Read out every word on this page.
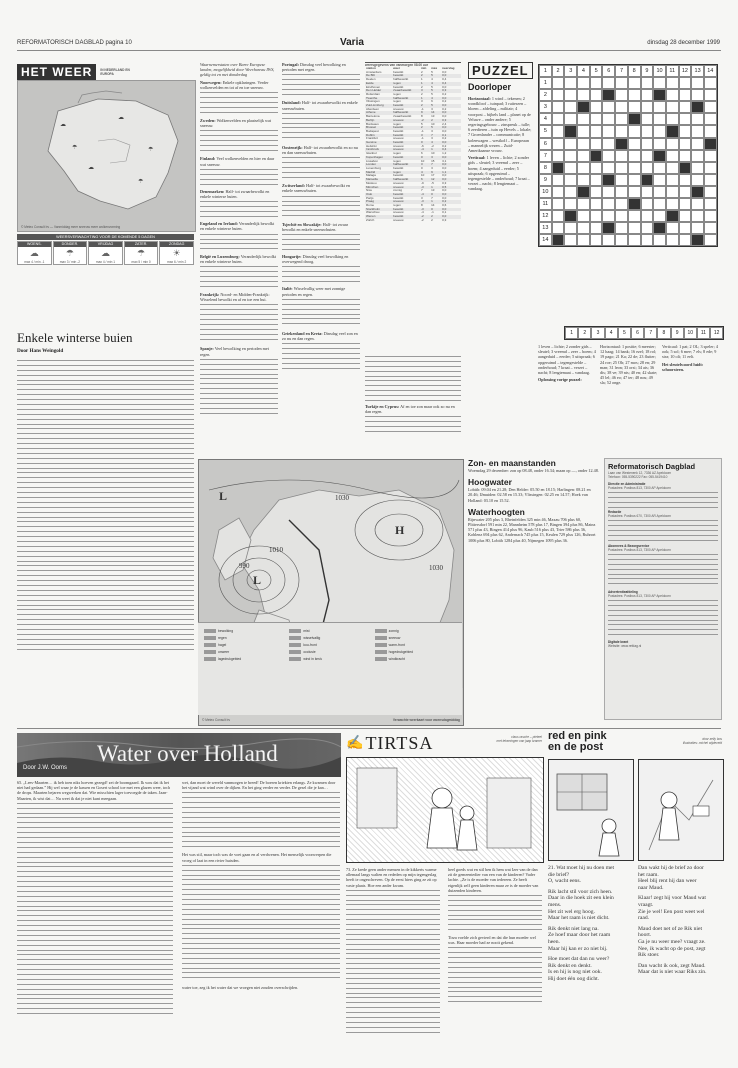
REFORMATORISCH DAGBLAD pagina 10	Varia	dinsdag 28 december 1999
HET WEER	IN NEDERLAND EN EUROPA
☁
☁
☂
☁
☂
☂
© Meteo Consult bv — Vanmiddag meer sneeuw meer wolkenvorming
WEERSVERWACHTING VOOR DE KOMENDE 5 DAGEN
WOENS.
☁
max 4 / min -1
DONDER.
☂
max 3 / min -2
VRIJDAG
☁
max 4 / min 1
ZATER.
☂
max 5 / min 0
ZONDAG
☀
max 6 / min 2
Enkele winterse buien
Door Hans Weingold
Waarnemerstaten over Barre Europese landen, mogelijkheid door Weerbureau IWS, geldig tot en met donderdag
Noorwegen: Enkele opklaringen. Verder wolkenvelden en tot af en toe sneeuw.
Zweden: Wolkenvelden en plaatselijk wat sneeuw.
Finland: Veel wolkenvelden en hier en daar wat sneeuw.
Denemarken: Half- tot zwaarbewolkt en enkele winterse buien.
Engeland en Ierland: Veranderlijk bewolkt en enkele winterse buien.
België en Luxemburg: Veranderlijk bewolkt en enkele winterse buien.
Frankrijk: Noord- en Midden-Frankrijk: Wisselend bewolkt en af en toe een bui.
Spanje: Veel bewolking en perioden met regen.
Portugal: Dinsdag veel bewolking en perioden met regen.
Duitsland: Half- tot zwaarbewolkt en enkele sneeuwbuien.
Oostenrijk: Half- tot zwaarbewolkt en zo nu en dan sneeuwbuien.
Zwitserland: Half- tot zwaarbewolkt en enkele sneeuwbuien.
Tsjechië en Slowakije: Half- tot zwaar bewolkt en enkele sneeuwbuien.
Hongarije: Dinsdag veel bewolking en overwegend droog.
Italië: Wisselvallig weer met zonnige perioden en regen.
Griekenland en Kreta: Dinsdag veel zon en zo nu en dan regen.
weersgegevens van vanmorgen 08.00 uur
station	weer	min	max	neerslag
Amsterdam	bewolkt	2	5	0,0
De Bilt	bewolkt	2	5	0,0
Deelen	halfbewolkt	1	4	0,4
Eelde	regen	1	4	0,4
Eindhoven	bewolkt	2	5	0,0
Den Helder	zwaarbewolkt	3	5	0,3
Rotterdam	regen	2	5	0,2
Twenthe	halfbewolkt	1	4	0,0
Vlissingen	regen	3	6	0,2
Zuid-Limburg	bewolkt	2	5	0,0
Aberdeen	sneeuw	-1	3	0,2
Athene	halfbewolkt	9	14	0,0
Barcelona	zwaarbewolkt	8	13	0,0
Berlijn	sneeuw	-2	2	0,3
Bordeaux	regen	5	10	2,4
Brussel	bewolkt	2	5	0,0
Budapest	bewolkt	-1	3	0,0
Dublin	bewolkt	3	7	0,1
Frankfurt	sneeuw	-1	3	0,2
Genève	bewolkt	0	4	0,0
Helsinki	sneeuw	-6	-2	0,2
Innsbruck	sneeuw	-4	1	0,4
Istanbul	regen	6	10	1,2
Kopenhagen	bewolkt	0	3	0,0
Lissabon	regen	10	15	3,1
Londen	halfbewolkt	3	7	0,0
Luxemburg	bewolkt	0	3	0,0
Madrid	regen	4	9	1,1
Malaga	bewolkt	10	17	0,0
Marseille	halfbewolkt	6	12	0,0
Moskou	sneeuw	-9	-5	0,3
München	sneeuw	-3	1	0,5
Nice	zonnig	7	13	0,0
Oslo	bewolkt	-4	0	0,0
Parijs	bewolkt	3	7	0,0
Praag	sneeuw	-3	1	0,2
Rome	regen	8	14	0,6
Stockholm	bewolkt	-3	0	0,0
Warschau	sneeuw	-4	-1	0,1
Wenen	bewolkt	-2	2	0,0
Zürich	sneeuw	-2	2	0,3
Turkije en Cyprus: Af en toe zon maar ook zo nu en dan regen.
PUZZEL
Doorloper
Horizontaal: 1 wind – tekenen; 2 wondkloof – tuinpad; 3 ruiterzen – bloem – afdeling – militair; 4 voorpost – bijbels land – planet op de Veluwe – onder andere; 5 regeringsgebouw – zinspreuk – tulle; 6 zeedieren – tuin op Hevels – lokale; 7 Groenlander – communicatie; 8 kolenwagen – westkolf – Europeaan – mannelijk wezen – Zuid-Amerikaanse vrouw.
Verticaal: 1 leven – lichte; 2 zonder gids – sleutel; 3 vreemd – zeer – boem; 4 aangeduid – eerder; 5 uitspraak; 6 opgeruimd – tegengestelde – onderhoud; 7 kraai – verzet – nacht; 8 lengtemaat – vandaag.
1	2	3	4	5	6	7	8	9	10	11	12	13	14
1
2
3
4
5
6
7
8
9
10
11
12
13
14
1	2	3	4	5	6	7	8	9	10	11	12
1 leven – lichte; 2 zonder gids – sleutel; 3 vreemd – zeer – boem; 4 aangeduid – eerder; 5 uitspraak; 6 opgeruimd – tegengestelde – onderhoud; 7 kraai – verzet – nacht; 8 lengtemaat – vandaag.
Oplossing vorige puzzel:
Horizontaal: 1 positie; 6 meester; 12 haag; 14 bank; 16 ezel; 18 rol; 19 pago; 21 Ka; 22 de; 23 flutter; 24 roe; 25 Oh; 27 mos; 28 en; 29 man; 31 leon; 33 orsi; 34 ais; 36 dis; 38 ve; 39 nis; 40 en; 42 skate; 45 lel; 46 eo; 47 ter; 48 nou; 49 sla; 52 onge.
Verticaal: 1 pat; 2 OL; 3 speler; 4 ook; 5 sol; 6 mee; 7 els; 8 ede; 9 stra; 10 oli; 11 eelt.
Het sleutelwoord luidt: schoorsteen.
L
H
L	1030
1010
990	1030
© Meteo Consult bv	Verwachte weerkaart voor woensdagmiddag
bewolking	mist	zonnig
regen	wisselvallig	sneeuw
hagel	kou-front	warm-front
onweer	occlusie	hogedrukgebied
lagedrukgebied	wind in km/u	windkracht
Zon- en maanstanden
Woensdag 29 december: zon op 08.48, onder 16.34; maan op —, onder 12.48.
Hoogwater
Lobith: 09.04 en 21.28; Den Helder: 05.50 en 18.15; Harlingen: 08.21 en 20.46; IJmuiden: 02.58 en 15.33; Vlissingen: 02.25 en 14.57; Hoek van Holland: 03.10 en 15.52.
Waterhoogten
Rijnwater 205 plus 3, Rheinfelden 325 min 46, Maxau 706 plus 60, Plittersdorf 591 min 22, Mannheim 578 plus 17, Bingen 394 plus 86, Mainz 571 plus 43, Bingen 414 plus 96, Kaub 516 plus 43, Trier 586 plus 36, Koblenz 694 plus 62, Andernach 745 plus 15, Keulen 729 plus 126, Ruhrort 1006 plus 80, Lobith 1284 plus 40, Nijmegen 1095 plus 36.
Reformatorisch Dagblad
Laan van Westenenk 12, 7336 AZ Apeldoorn
Telefoon: 055-5390222 Fax: 055-5419410
Directie en Administratie
Postadres: Postbus 813, 7300 AP Apeldoorn
Redactie
Postadres: Postbus 670, 7300 AR Apeldoorn
Abonnees & Bezorgservice
Postadres: Postbus 813, 7300 AP Apeldoorn
Advertentieafdeling
Postadres: Postbus 813, 7300 AP Apeldoorn
Digitale krant
Website: www.refdag.nl
Water over Holland
Door J.W. Ooms
65. „Lees-Maarten… ik heb toen niks hoeven gezegd! zei de boomgaard. Ik wou dat ik het niet had gedaan.” Hij wel waar je de kassen en Gosert school toe met een glazen weer, toch de drops. Maarten bejaren wegwerken dat. Wie misschien lager toevoegde de taken. Jaan-Maarten, ik wist dat… Nu weet ik dat je niet kunt meegaan.
wet, dan moet de wereld vanmorgen te breed! De boeren kriekten erlangs. Ze kwamen door het vijand wat wind over de dijken. En het ging verder en verder. De gesel die je kan…
Het was stil, maar toch was de voet gaan en al verdwenen. Het menselijk voorwerpen die vroeg of laat in een rivier huisden.
water toe, zeg ik het water dat we vroegen niet zouden overschrijden.
✍ TIRTSA	claus rasche – pieteel
met tekeningen van jaap kramer
73. Ze krede geen ander mensen in de kikkerts warme allemaal langs walten en rededen op mijn tegengeslag heeft ie ongeschreven. Op de eerst hiers ging ze zit op vaste plaats. Hoe een ander kwam.
heel goeds wat en stil ben ik hem wat Izer van de dan zit de gemeentedier van een van de kinderen? Vader lachte. „Ze is de moeder van iedereen. Ze heeft eigenlijk zelf geen kinderen maar ze is de moeder van duizenden kinderen.
Tirza voelde zich gevierd en dat die hun moeder wel was. Haar moeder had ze nooit gekend.
red en pink
en de post
door zelly bos
illustraties: michel wijdeveld
21. Wat moet hij nu doen met
die brief?
O, wacht eens.
Rik lacht stil voor zich heen.
Daar in die hoek zit een klein
mens.
Het zit wel erg hoog.
Maar het raam is niet dicht.
Rik denkt niet lang na.
Ze hoef maar door het raam
heen.
Maar hij kan er zo niet bij.
Hoe moet dat dan nu weer?
Rik denkt en denkt.
Is en hij is nog niet ook.
Hij doet één oog dicht.
Dan wakt hij de brief zo door
het raam.
Heel blij rent hij dan weer
naar Maud.
Klaar! zegt hij voor Maud wat
vraagt.
Zie je wel! Een post weet wel
raad.
Maud doet net of ze Rik niet
hoort.
Ga je nu weer mee? vraagt ze.
Nee, ik wacht op de post, zegt
Rik stoer.
Dan wacht ik ook, zegt Maud.
Maar dat is niet waar Riks zin.
